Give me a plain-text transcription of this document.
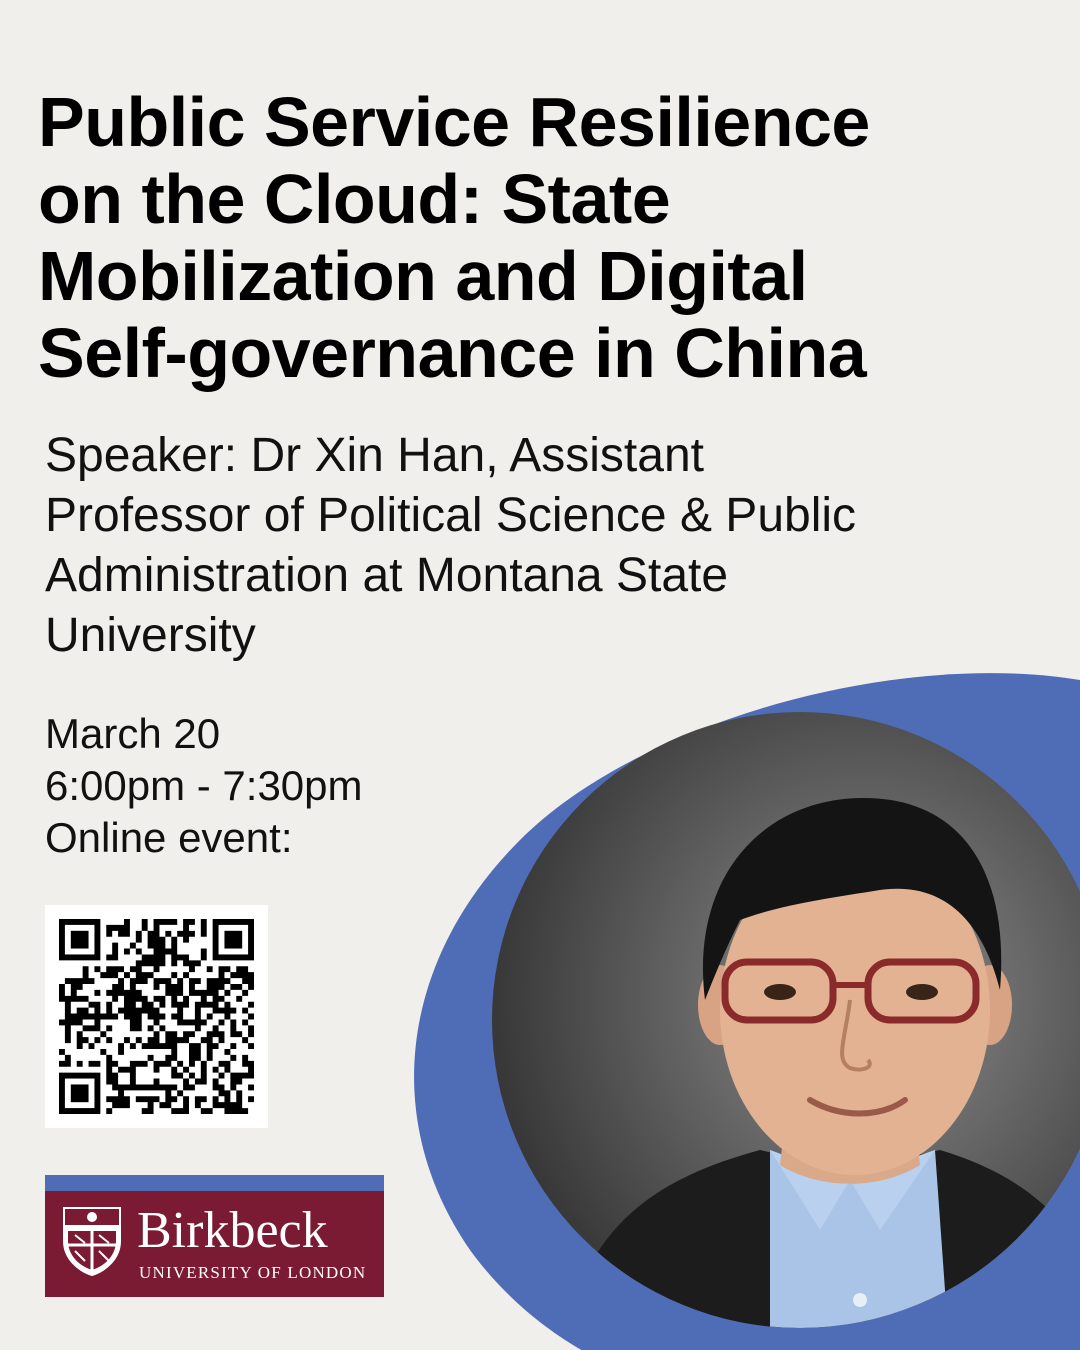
Public Service Resilience
on the Cloud: State
Mobilization and Digital
Self-governance in China

Speaker: Dr Xin Han, Assistant
Professor of Political Science & Public
Administration at Montana State
University

March 20
6:00pm - 7:30pm
Online event:
Birkbeck
UNIVERSITY OF LONDON
